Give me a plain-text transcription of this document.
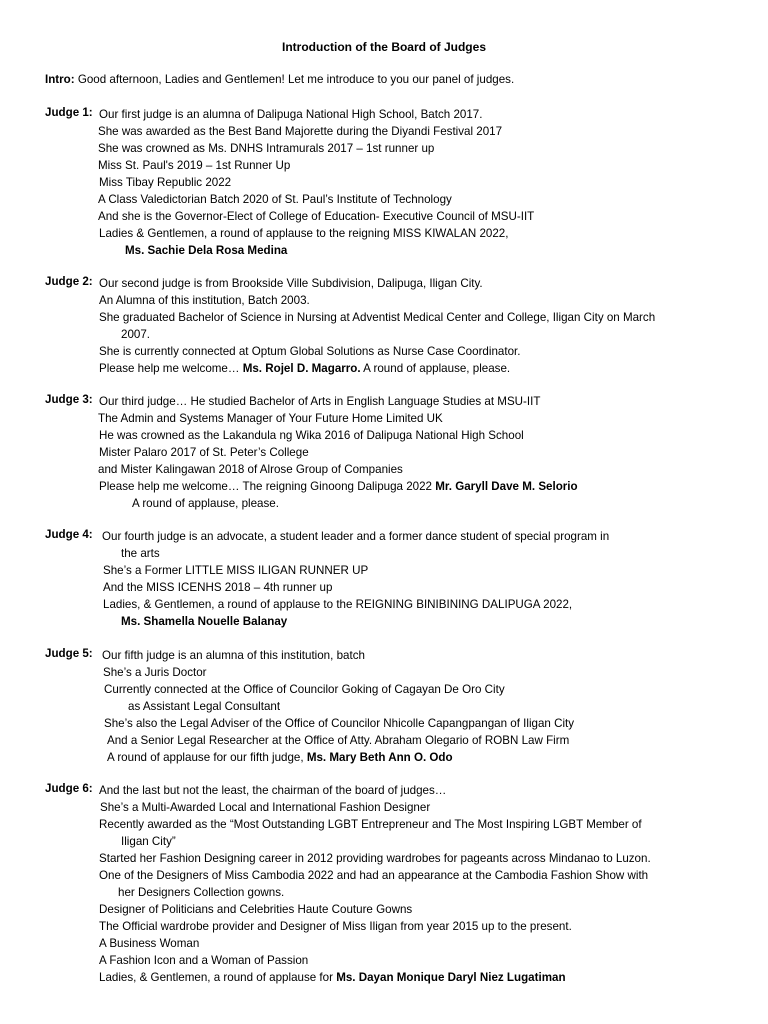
Introduction of the Board of Judges
Intro: Good afternoon, Ladies and Gentlemen! Let me introduce to you our panel of judges.
Judge 1: Our first judge is an alumna of Dalipuga National High School, Batch 2017.
She was awarded as the Best Band Majorette during the Diyandi Festival 2017
She was crowned as Ms. DNHS Intramurals 2017 – 1st runner up
Miss St. Paul's 2019 – 1st Runner Up
Miss Tibay Republic 2022
A Class Valedictorian Batch 2020 of St. Paul’s Institute of Technology
And she is the Governor-Elect of College of Education- Executive Council of MSU-IIT
Ladies & Gentlemen, a round of applause to the reigning MISS KIWALAN 2022,
Ms. Sachie Dela Rosa Medina
Judge 2: Our second judge is from Brookside Ville Subdivision, Dalipuga, Iligan City.
An Alumna of this institution, Batch 2003.
She graduated Bachelor of Science in Nursing at Adventist Medical Center and College, Iligan City on March
2007.
She is currently connected at Optum Global Solutions as Nurse Case Coordinator.
Please help me welcome… Ms. Rojel D. Magarro. A round of applause, please.
Judge 3: Our third judge… He studied Bachelor of Arts in English Language Studies at MSU-IIT
The Admin and Systems Manager of Your Future Home Limited UK
He was crowned as the Lakandula ng Wika 2016 of Dalipuga National High School
Mister Palaro 2017 of St. Peter’s College
and Mister Kalingawan 2018 of Alrose Group of Companies
Please help me welcome… The reigning Ginoong Dalipuga 2022 Mr. Garyll Dave M. Selorio
A round of applause, please.
Judge 4: Our fourth judge is an advocate, a student leader and a former dance student of special program in
the arts
She’s a Former LITTLE MISS ILIGAN RUNNER UP
And the MISS ICENHS 2018 – 4th runner up
Ladies, & Gentlemen, a round of applause to the REIGNING BINIBINING DALIPUGA 2022,
Ms. Shamella Nouelle Balanay
Judge 5: Our fifth judge is an alumna of this institution, batch
She’s a Juris Doctor
Currently connected at the Office of Councilor Goking of Cagayan De Oro City
as Assistant Legal Consultant
She’s also the Legal Adviser of the Office of Councilor Nhicolle Capangpangan of Iligan City
And a Senior Legal Researcher at the Office of Atty. Abraham Olegario of ROBN Law Firm
A round of applause for our fifth judge, Ms. Mary Beth Ann O. Odo
Judge 6: And the last but not the least, the chairman of the board of judges…
She’s a Multi-Awarded Local and International Fashion Designer
Recently awarded as the “Most Outstanding LGBT Entrepreneur and The Most Inspiring LGBT Member of
Iligan City”
Started her Fashion Designing career in 2012 providing wardrobes for pageants across Mindanao to Luzon.
One of the Designers of Miss Cambodia 2022 and had an appearance at the Cambodia Fashion Show with
her Designers Collection gowns.
Designer of Politicians and Celebrities Haute Couture Gowns
The Official wardrobe provider and Designer of Miss Iligan from year 2015 up to the present.
A Business Woman
A Fashion Icon and a Woman of Passion
Ladies, & Gentlemen, a round of applause for Ms. Dayan Monique Daryl Niez Lugatiman
